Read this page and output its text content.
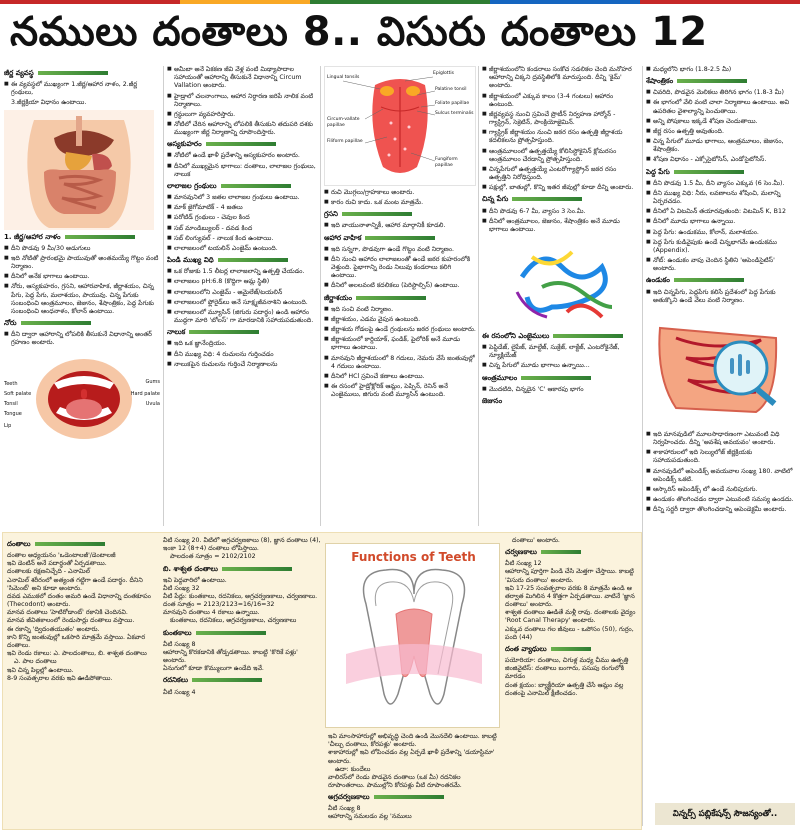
నములు దంతాలు 8.. విసురు దంతాలు 12
జీర్ణ వ్యవస్థ

■ ఈ వ్యవస్థలో ముఖ్యంగా 1.జీర్ణ/ఆహార నాళం, 2.జీర్ణ గ్రంథులు,

3.జీర్ణక్రియా విధానం ఉంటాయి.

1. జీర్ణ/ఆహార నాళం

■ దీని పొడవు 9 మీ/30 అడుగులు

■ ఇది నోటితో ప్రారంభమై పాయువుతో అంతమయ్యే గొట్టం వంటి నిర్మాణం.

■ దీనిలో అనేక భాగాలు ఉంటాయి.

■ నోరు, ఆస్యకుహరం, గ్రసని, ఆహారవాహిక, జీర్ణాశయం, చిన్న పేగు, పెద్ద పేగు, మలాశయం, పాయువు. చిన్న పేగుకు సంబంధించి ఆంత్రమూలం, జెజునం, శేషాంత్రికం, పెద్ద పేగుకు సంబంధించి ఆంధనాళం, కోలాన్ ఉంటాయి.

నోరు

■ దీని ద్వారా ఆహారాన్ని లోపలికి తీసుకునే విధానాన్ని అంతర్ గ్రహణం అంటారు.

Teeth
Soft palate
Tonsil
Tongue
Lip
Gums
Hard palate
Uvula

■ అమీబా అనే ఏకకణ జీవి వేళ్ల వంటి మిథ్యాపాదాల సహాయంతో ఆహారాన్ని తీసుకునే విధానాన్ని Circum Vallation అంటారు.

■ హైడ్రాలో చలనాంగాలు, ఆహార నిర్ధారణ జరిపే నాలిక వంటి నిర్మాణాలు.

■ గ్రన్థులుగా వ్యవహరిస్తారు.

■ నోటిలో చేరిన ఆహారాన్ని లోపలికి తీసుకుని తదుపరి దశకు ముఖ్యంగా జీర్ణ నిర్మాణాన్ని రూపొందిస్తారు.

ఆస్యకుహరం

■ నోటిలో ఉండే ఖాళీ ప్రదేశాన్ని ఆస్యకుహరం అంటారు.

■ దీనిలో ముఖ్యమైన భాగాలు: దంతాలు, లాలాజల గ్రంథులు, నాలుక

లాలాజల గ్రంథులు

■ మానవునిలో 3 జతల లాలాజల గ్రంథులు ఉంటాయి.

■ మాక్ జైగోమాటిక్ - 4 జతలు

■ పరోటిడ్ గ్రంథులు - చెవుల కింద

■ సబ్ మాండిబ్యులర్ - దవడ కింద

■ సబ్ లింగ్యువల్ - నాలుక కింద ఉంటాయి.

■ లాలాజలంలో టయలిన్ ఎంజైమ్ ఉంటుంది.

పిండి ముఖ్య విధి

■ ఒక రోజుకు 1.5 లీటర్ల లాలాజలాన్ని ఉత్పత్తి చేయడం.

■ లాలాజలం pH:6.8 (కొద్దిగా ఆమ్ల స్థితి)

■ లాలాజలంలోని ఎంజైమ్ - అమైలేజ్/టయలిన్

■ లాలాజలంలో ఫ్లోరైడ్‌లు అనే సూక్ష్మజీవనాశిని ఉంటుంది.

■ లాలాజలంలో మ్యూసిన్ (జిగురు పదార్థం) ఉండి ఆహారం ముద్దగా మారి 'బోలస్' గా మారడానికి సహాయపడుతుంది.

నాలుక

■ ఇది ఒక జ్ఞానేంద్రియం.

■ దీని ముఖ్య విధి: 4 రుచులను గుర్తించడం

■ నాలుకపైన రుచులను గుర్తించే నిర్మాణాలను

Lingual tonsils
Epiglottis
Palatine tonsil
Foliate papillae
Sulcus terminalis
Circum-vallate papillae
Filiform papillae
Fungiform papillae

■ రుచి మొగ్గలు/గ్రాహకాలు అంటారు.

■ కారం రుచి కాదు. ఒక మంట మాత్రమే.

గ్రసని

■ ఇది వాయునాళాన్నికీ, ఆహార మార్గానికీ కూడలి.

ఆహార వాహిక

■ ఇది సన్నగా, పొడవుగా ఉండే గొట్టం వంటి నిర్మాణం.

■ దీని నుంచి ఆహారం లాలాజలంతో ఉండే జఠర కుహరంలోకి వెళ్తుంది. పైభాగాన్ని రెండు నిలువు కండరాలు కలిగి ఉంటాయి.

■ దీనిలో అలలవంటి కదలికలు (పెరిస్టాల్సిస్) ఉంటాయి.

జీర్ణాశయం

■ ఇది సంచి వంటి నిర్మాణం.

■ జీర్ణాశయం, ఎడమ వైపున ఉంటుంది.

■ జీర్ణాశయ గోడలపై ఉండే గ్రంథులను జఠర గ్రంథులు అంటారు.

■ జీర్ణాశయంలో కార్డియాక్, ఫండిక్, పైలోరిక్ అనే మూడు భాగాలు ఉంటాయి.

■ మానవుని జీర్ణాశయంలో 8 గదులు, నెమరు వేసే జంతువుల్లో 4 గదులు ఉంటాయి.

■ దీనిలో HCl స్రవించే కణాలు ఉంటాయి.

■ ఈ రసంలో హైడ్రోక్లోరిక్ ఆమ్లం, పెప్సిన్, రెనిన్ అనే ఎంజైములు, జిగురు వంటి మ్యూసిన్ ఉంటుంది.

■ జీర్ణాశయంలోని కండరాలు సంకోచ సడలికల చెంది మనోహర ఆహారాన్ని చిక్కని ద్రవస్థితిలోకి మారుస్తుంది. దీన్ని 'కైమ్' అంటారు.

■ జీర్ణాశయంలో ఎక్కువ కాలం (3-4 గంటలు) ఆహారం ఉంటుంది.

■ జీర్ణవ్యవస్థ నుంచి స్రవించే ప్రొటీన్ నిర్వహణ హార్మోన్ - గ్యాస్ట్రిన్, సెక్రెటిన్, పాంక్రియోజైమిన్.

■ గ్యాస్ట్రిక్ జీర్ణాశయం నుంచి జఠర రసం ఉత్పత్తి జీర్ణాశయ కదలికలను ప్రోత్సహిస్తుంది.

■ ఆంత్రమూలంలో ఉత్పత్తయ్యే కోలిసిస్టోకైనిన్ క్లోమరసం ఆంత్రమూలం చేరడాన్ని ప్రోత్సహిస్తుంది.

■ చిన్నపేగులో ఉత్పత్తయ్యే ఎంటరోగ్యాస్ట్రోన్ జఠర రసం ఉత్పత్తిని నిరోధిస్తుంది.

■ పక్షుల్లో, బాతుల్లో, కొన్ని ఇతర జీవుల్లో కూడా దీన్ని అంటారు.

చిన్న పేగు

■ దీని పొడవు 6-7 మీ, వ్యాసం 3 సెం.మీ.

■ దీనిలో ఆంత్రమూలం, జెజునం, శేషాంత్రికం అనే మూడు భాగాలు ఉంటాయి.

ఈ రసంలోని ఎంజైములు

■ పెప్టిడేజ్, లైపేజ్, మాల్టేజ్, సుక్రేజ్, లాక్టేజ్, ఎంటరోకైనేజ్, న్యూక్లియేజ్

■ చిన్న పేగులో మూడు భాగాలు ఉన్నాయి...

ఆంత్రమూలం

■ మొదటిది, చిన్నదైన 'C' ఆకారపు భాగం

జెజునం

■ మధ్యలోని భాగం (1.8-2.5 మీ)

శేషాంత్రికం

■ చివరిది, పొడవైన మెలికలు తిరిగిన భాగం (1.8-3 మీ)

■ ఈ భాగంలో వేలి వంటి చాలా నిర్మాణాలు ఉంటాయి. అవి ఉపరితల వైశాల్యాన్ని పెంచుతాయి.

■ అన్ని పోషకాలు ఇక్కడే శోషణ చెందుతాయి.

■ జీర్ణ రసం ఉత్పత్తి అవుతుంది.

■ చిన్న పేగులో మూడు భాగాలు, ఆంత్రమూలం, జెజునం, శేషాంత్రికం.

■ శోషణ విధానం - ఎక్సోసైటోసిస్, ఎండోసైటోసిస్.

పెద్ద పేగు

■ దీని పొడవు 1.5 మీ, దీని వ్యాసం ఎక్కువ (6 సెం.మీ).

■ దీని ముఖ్య విధి: నీరు, లవణాలను శోషించి, మలాన్ని ఏర్పరచడం.

■ దీనిలో ఏ విటమిన్ తయారవుతుంది: విటమిన్ K, B12

■ దీనిలో మూడు భాగాలు ఉన్నాయి.

■ పెద్ద పేగు: ఉండుకము, కోలాన్, మలాశయం.

■ పెద్ద పేగు కుడివైపుకు ఉండే చిన్నభాగమే ఉండుకము (Appendix).

■ నోట్: ఉండుకం వాపు చెందిన స్థితిని 'అపెండిసైటిస్' అంటారు.

ఉండుకం

■ ఇది చిన్నపేగు, పెద్దపేగు కలిసే ప్రదేశంలో పెద్ద పేగుకు అతుక్కొని ఉండే వేలు వంటి నిర్మాణం.

■ ఇది మానవుడిలో మూలసాధారణంగా ఎటువంటి విధి నిర్వహించదు. దీన్ని 'అవశేష అవయవం' అంటారు.

■ శాకాహారులలో ఇది సెల్యులోజ్ జీర్ణక్రియకు సహాయపడుతుంది.

■ మానవుడిలో అపెండిక్స్ అవయవాల సంఖ్య 180. వాటిలో అపెండిక్స్ ఒకటి.

■ ఆస్కారిస్ ఆపెండిక్స్ లో ఉండే నులిపురుగు.

■ ఉండుకం తొలగించడం ద్వారా ఎటువంటి సమస్య ఉండదు.

■ దీన్ని సర్జరీ ద్వారా తొలగించడాన్ని అపెండెక్టమీ అంటారు.

విన్నర్స్ పబ్లికేషన్స్ సౌజన్యంతో..
దంతాలు

దంతాల అధ్యయనం 'ఒడెంటాలజీ'/డెంటాలజీ

ఇవి డెంటిన్ అనే పదార్థంతో ఏర్పడతాయి.

దంతాలకు రక్షణనిచ్చేది - ఎనామిల్

ఎనామిల్ శరీరంలో అత్యంత గట్టిగా ఉండే పదార్థం. దీనిని 'సిమెంట్' అని కూడా అంటారు.

దవడ ఎముకలో దంతం అమరి ఉండే విధానాన్ని దంతకూపం (Thecodont) అంటారు.

మానవ దంతాలు 'హెటిరోడాంట్' రకానికి చెందినవి.

మానవ జీవితకాలంలో రెండుసార్లు దంతాలు వస్తాయి.

ఈ రకాన్ని 'ద్విదంతయుతం' అంటారు.

కాని కొన్ని జంతువుల్లో ఒకసారి మాత్రమే వస్తాయి. ఏకవార దంతాలు.

ఇవి రెండు రకాలు: ఎ. పాలదంతాలు, బి. శాశ్వత దంతాలు

ఎ. పాల దంతాలు

ఇవి చిన్న పిల్లల్లో ఉంటాయి.

8-9 సంవత్సరాల వరకు ఇవి ఊడిపోతాయి.

వీటి సంఖ్య 20. వీటిలో అగ్రచర్వణకాలు (8), జ్ఞాన దంతాలు (4), ఇంకా 12 (8+4) దంతాలు లోపిస్తాయి.

పాలదంత సూత్రం = 2102/2102

బి. శాశ్వత దంతాలు

ఇవి పెద్దవారిలో ఉంటాయి.

వీటి సంఖ్య 32

వీటి పేర్లు: కుంతకాలు, రదనికలు, అగ్రచర్వణకాలు, చర్వణకాలు.

దంత సూత్రం = 2123/2123=16/16=32

మానవుని దంతాలు 4 రకాలు ఉన్నాయి.

కుంతకాలు, రదనికలు, అగ్రచర్వణకాలు, చర్వణకాలు

కుంతకాలు

వీటి సంఖ్య 8

ఆహారాన్ని కొరకడానికి తోడ్పడతాయి. కాబట్టి 'కొరికే పళ్లు' అంటారు.

ఏనుగులో కూడా కొమ్ములుగా ఉండేది ఇవే.

రదనికలు

వీటి సంఖ్య 4

ఇవి మాంసాహారుల్లో అభివృద్ధి చెంది ఉండి మొనదేలి ఉంటాయి. కాబట్టి 'చీల్చు దంతాలు, కోరపళ్లు' అంటారు.

శాకాహారుల్లో ఇవి లోపించడం వల్ల ఏర్పడే ఖాళీ ప్రదేశాన్ని 'డయాస్టిమా' అంటారు.

ఉదా: కుందేలు

వాలిరస్‌లో రెండు పొడవైన దంతాలు (ఒక మీ) రదనికల రూపాంతరాలు. పాముల్లోని కోరపళ్లు వీటి రూపాంతరమే.

అగ్రచర్వణకాలు

వీటి సంఖ్య 8

ఆహారాన్ని నమలడం వల్ల 'నములు

దంతాలు' అంటారు.

చర్వణకాలు

వీటి సంఖ్య 12

ఆహారాన్ని పూర్తిగా పిండి చేసి మెత్తగా చేస్తాయి. కాబట్టి 'విసురు దంతాలు' అంటారు.

ఇవి 17-25 సంవత్సరాల వరకు 8 మాత్రమే ఉండి ఆ తర్వాత మిగిలిన 4 కొత్తగా ఏర్పడతాయి. వాటినే 'జ్ఞాన దంతాలు' అంటారు.

శాశ్వత దంతాలు ఊడితే మళ్లీ రావు. దంతాలకు వైద్యం 'Root Canal Therapy' అంటారు.

ఎక్కువ దంతాలు గల జీవులు - ఒపోసం (50), గుర్రం, పంది (44)

దంత వ్యాధులు

పయోరియా: దంతాలు, చిగుళ్ల మధ్య చీము ఉత్పత్తి

జింజివైటిస్: దంతాలు బంగారు, పసుపు రంగులోకి మారడం

దంత క్షయం: బ్యాక్టీరియా ఉత్పత్తి చేసే ఆమ్లం వల్ల దంతంపై ఎనామిల్ క్షీణించడం.

Functions of Teeth
